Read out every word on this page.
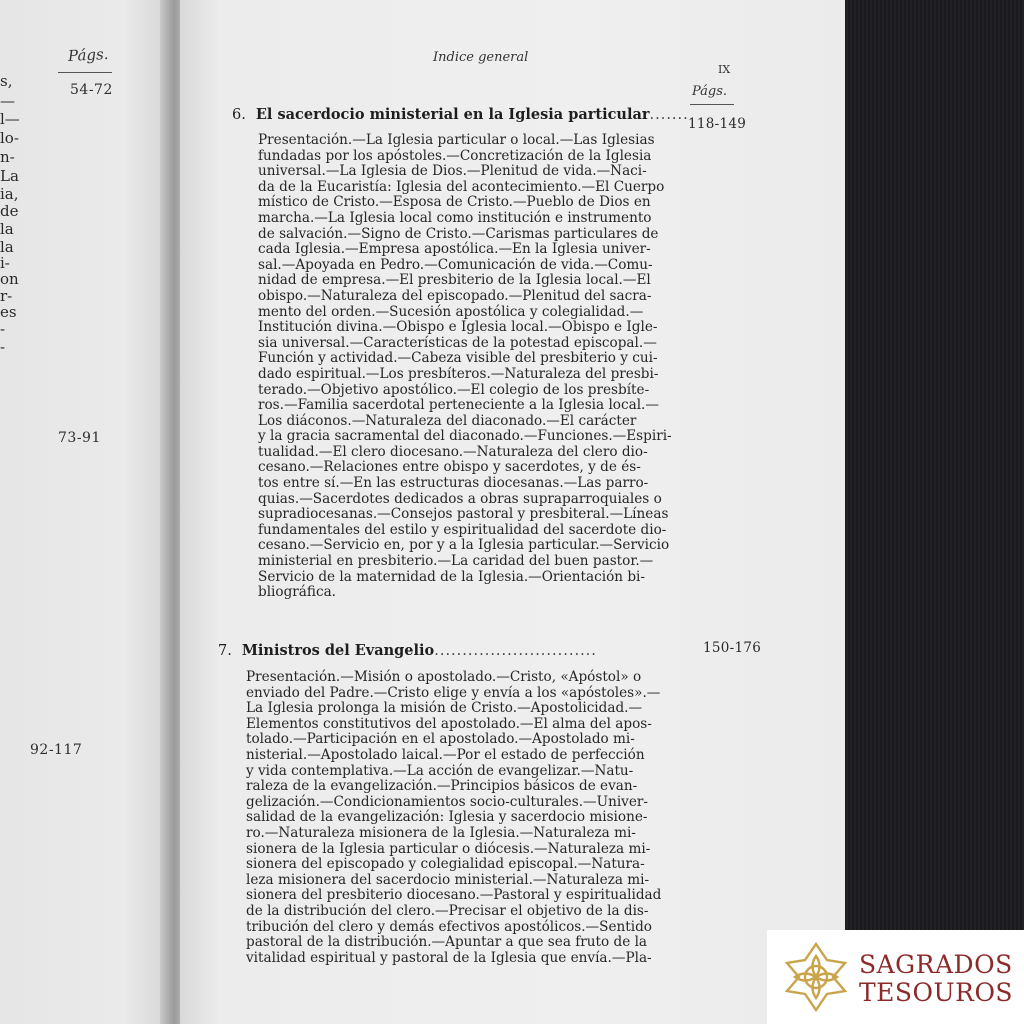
Págs.
54-72
73-91
92-117
s,
—
l—
lo-
n-
La
ia,
de
la
la
i-
on
r-
es
-
-
Indice general
IX
Págs.
6. El sacerdocio ministerial en la Iglesia particular.......
118-149
Presentación.—La Iglesia particular o local.—Las Iglesias
fundadas por los apóstoles.—Concretización de la Iglesia
universal.—La Iglesia de Dios.—Plenitud de vida.—Naci-
da de la Eucaristía: Iglesia del acontecimiento.—El Cuerpo
místico de Cristo.—Esposa de Cristo.—Pueblo de Dios en
marcha.—La Iglesia local como institución e instrumento
de salvación.—Signo de Cristo.—Carismas particulares de
cada Iglesia.—Empresa apostólica.—En la Iglesia univer-
sal.—Apoyada en Pedro.—Comunicación de vida.—Comu-
nidad de empresa.—El presbiterio de la Iglesia local.—El
obispo.—Naturaleza del episcopado.—Plenitud del sacra-
mento del orden.—Sucesión apostólica y colegialidad.—
Institución divina.—Obispo e Iglesia local.—Obispo e Igle-
sia universal.—Características de la potestad episcopal.—
Función y actividad.—Cabeza visible del presbiterio y cui-
dado espiritual.—Los presbíteros.—Naturaleza del presbi-
terado.—Objetivo apostólico.—El colegio de los presbíte-
ros.—Familia sacerdotal perteneciente a la Iglesia local.—
Los diáconos.—Naturaleza del diaconado.—El carácter
y la gracia sacramental del diaconado.—Funciones.—Espiri-
tualidad.—El clero diocesano.—Naturaleza del clero dio-
cesano.—Relaciones entre obispo y sacerdotes, y de és-
tos entre sí.—En las estructuras diocesanas.—Las parro-
quias.—Sacerdotes dedicados a obras supraparroquiales o
supradiocesanas.—Consejos pastoral y presbiteral.—Líneas
fundamentales del estilo y espiritualidad del sacerdote dio-
cesano.—Servicio en, por y a la Iglesia particular.—Servicio
ministerial en presbiterio.—La caridad del buen pastor.—
Servicio de la maternidad de la Iglesia.—Orientación bi-
bliográfica.
7. Ministros del Evangelio.............................	150-176
Presentación.—Misión o apostolado.—Cristo, «Apóstol» o
enviado del Padre.—Cristo elige y envía a los «apóstoles».—
La Iglesia prolonga la misión de Cristo.—Apostolicidad.—
Elementos constitutivos del apostolado.—El alma del apos-
tolado.—Participación en el apostolado.—Apostolado mi-
nisterial.—Apostolado laical.—Por el estado de perfección
y vida contemplativa.—La acción de evangelizar.—Natu-
raleza de la evangelización.—Principios básicos de evan-
gelización.—Condicionamientos socio-culturales.—Univer-
salidad de la evangelización: Iglesia y sacerdocio misione-
ro.—Naturaleza misionera de la Iglesia.—Naturaleza mi-
sionera de la Iglesia particular o diócesis.—Naturaleza mi-
sionera del episcopado y colegialidad episcopal.—Natura-
leza misionera del sacerdocio ministerial.—Naturaleza mi-
sionera del presbiterio diocesano.—Pastoral y espiritualidad
de la distribución del clero.—Precisar el objetivo de la dis-
tribución del clero y demás efectivos apostólicos.—Sentido
pastoral de la distribución.—Apuntar a que sea fruto de la
vitalidad espiritual y pastoral de la Iglesia que envía.—Pla-	SAGRADOS
TESOUROS
